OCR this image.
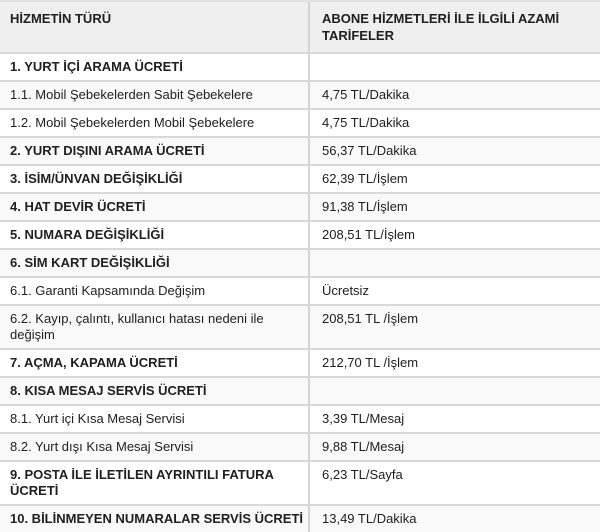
HİZMETİN TÜRÜ	ABONE HİZMETLERİ İLE İLGİLİ AZAMİ TARİFELER
1. YURT İÇİ ARAMA ÜCRETİ	
1.1. Mobil Şebekelerden Sabit Şebekelere	4,75 TL/Dakika
1.2. Mobil Şebekelerden Mobil Şebekelere	4,75 TL/Dakika
2. YURT DIŞINI ARAMA ÜCRETİ	56,37 TL/Dakika
3. İSİM/ÜNVAN DEĞİŞİKLİĞİ	62,39 TL/İşlem
4. HAT DEVİR ÜCRETİ	91,38 TL/İşlem
5. NUMARA DEĞİŞİKLİĞİ	208,51 TL/İşlem
6. SİM KART DEĞİŞİKLİĞİ	
6.1. Garanti Kapsamında Değişim	Ücretsiz
6.2. Kayıp, çalıntı, kullanıcı hatası nedeni ile değişim	208,51 TL /İşlem
7. AÇMA, KAPAMA ÜCRETİ	212,70 TL /İşlem
8. KISA MESAJ SERVİS ÜCRETİ	
8.1. Yurt içi Kısa Mesaj Servisi	3,39 TL/Mesaj
8.2. Yurt dışı Kısa Mesaj Servisi	9,88 TL/Mesaj
9. POSTA İLE İLETİLEN AYRINTILI FATURA ÜCRETİ	6,23 TL/Sayfa
10. BİLİNMEYEN NUMARALAR SERVİS ÜCRETİ	13,49 TL/Dakika
